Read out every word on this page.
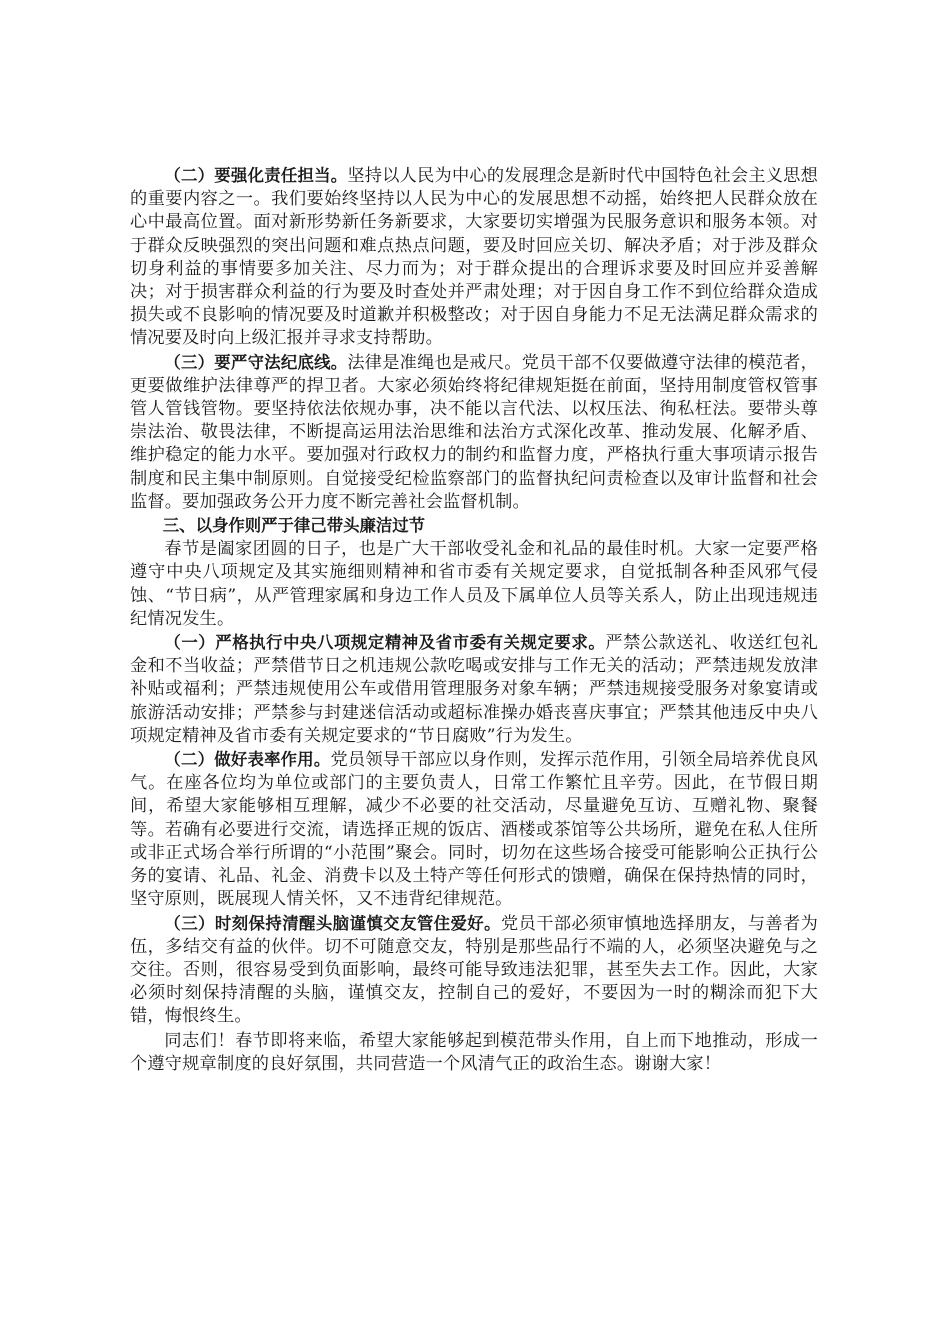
（二）要强化责任担当。坚持以人民为中心的发展理念是新时代中国特色社会主义思想的重要内容之一。我们要始终坚持以人民为中心的发展思想不动摇，始终把人民群众放在心中最高位置。面对新形势新任务新要求，大家要切实增强为民服务意识和服务本领。对于群众反映强烈的突出问题和难点热点问题，要及时回应关切、解决矛盾；对于涉及群众切身利益的事情要多加关注、尽力而为；对于群众提出的合理诉求要及时回应并妥善解决；对于损害群众利益的行为要及时查处并严肃处理；对于因自身工作不到位给群众造成损失或不良影响的情况要及时道歉并积极整改；对于因自身能力不足无法满足群众需求的情况要及时向上级汇报并寻求支持帮助。

（三）要严守法纪底线。法律是准绳也是戒尺。党员干部不仅要做遵守法律的模范者，更要做维护法律尊严的捍卫者。大家必须始终将纪律规矩挺在前面，坚持用制度管权管事管人管钱管物。要坚持依法依规办事，决不能以言代法、以权压法、徇私枉法。要带头尊崇法治、敬畏法律，不断提高运用法治思维和法治方式深化改革、推动发展、化解矛盾、维护稳定的能力水平。要加强对行政权力的制约和监督力度，严格执行重大事项请示报告制度和民主集中制原则。自觉接受纪检监察部门的监督执纪问责检查以及审计监督和社会监督。要加强政务公开力度不断完善社会监督机制。

三、以身作则严于律己带头廉洁过节

春节是阖家团圆的日子，也是广大干部收受礼金和礼品的最佳时机。大家一定要严格遵守中央八项规定及其实施细则精神和省市委有关规定要求，自觉抵制各种歪风邪气侵蚀、“节日病”，从严管理家属和身边工作人员及下属单位人员等关系人，防止出现违规违纪情况发生。

（一）严格执行中央八项规定精神及省市委有关规定要求。严禁公款送礼、收送红包礼金和不当收益；严禁借节日之机违规公款吃喝或安排与工作无关的活动；严禁违规发放津补贴或福利；严禁违规使用公车或借用管理服务对象车辆；严禁违规接受服务对象宴请或旅游活动安排；严禁参与封建迷信活动或超标准操办婚丧喜庆事宜；严禁其他违反中央八项规定精神及省市委有关规定要求的“节日腐败”行为发生。

（二）做好表率作用。党员领导干部应以身作则，发挥示范作用，引领全局培养优良风气。在座各位均为单位或部门的主要负责人，日常工作繁忙且辛劳。因此，在节假日期间，希望大家能够相互理解，减少不必要的社交活动，尽量避免互访、互赠礼物、聚餐等。若确有必要进行交流，请选择正规的饭店、酒楼或茶馆等公共场所，避免在私人住所或非正式场合举行所谓的“小范围”聚会。同时，切勿在这些场合接受可能影响公正执行公务的宴请、礼品、礼金、消费卡以及土特产等任何形式的馈赠，确保在保持热情的同时，坚守原则，既展现人情关怀，又不违背纪律规范。

（三）时刻保持清醒头脑谨慎交友管住爱好。党员干部必须审慎地选择朋友，与善者为伍，多结交有益的伙伴。切不可随意交友，特别是那些品行不端的人，必须坚决避免与之交往。否则，很容易受到负面影响，最终可能导致违法犯罪，甚至失去工作。因此，大家必须时刻保持清醒的头脑，谨慎交友，控制自己的爱好，不要因为一时的糊涂而犯下大错，悔恨终生。

同志们！春节即将来临，希望大家能够起到模范带头作用，自上而下地推动，形成一个遵守规章制度的良好氛围，共同营造一个风清气正的政治生态。谢谢大家！
